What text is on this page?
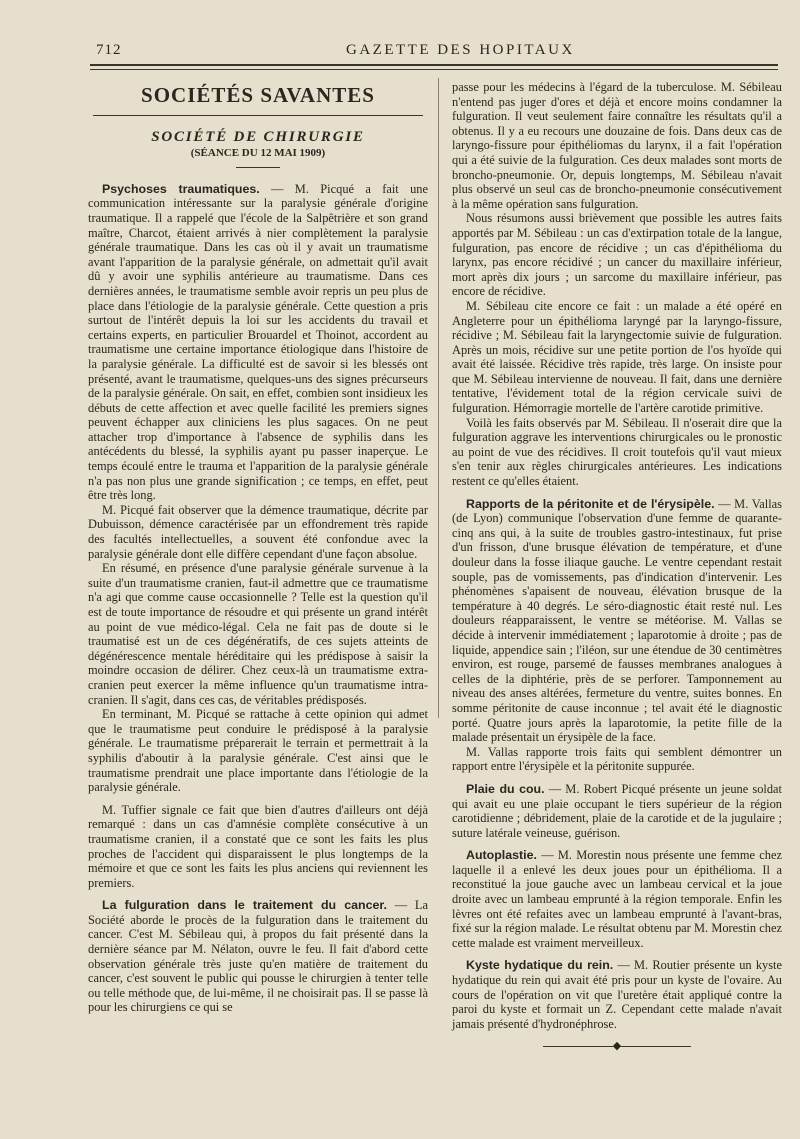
712	GAZETTE DES HOPITAUX
SOCIÉTÉS SAVANTES
SOCIÉTÉ DE CHIRURGIE
(SÉANCE DU 12 MAI 1909)

Psychoses traumatiques. — M. Picqué a fait une communication intéressante sur la paralysie générale d'origine traumatique. Il a rappelé que l'école de la Salpêtrière et son grand maître, Charcot, étaient arrivés à nier complètement la paralysie générale traumatique. Dans les cas où il y avait un traumatisme avant l'apparition de la paralysie générale, on admettait qu'il avait dû y avoir une syphilis antérieure au traumatisme. Dans ces dernières années, le traumatisme semble avoir repris un peu plus de place dans l'étiologie de la paralysie générale. Cette question a pris surtout de l'intérêt depuis la loi sur les accidents du travail et certains experts, en particulier Brouardel et Thoinot, accordent au traumatisme une certaine importance étiologique dans l'histoire de la paralysie générale. La difficulté est de savoir si les blessés ont présenté, avant le traumatisme, quelques-uns des signes précurseurs de la paralysie générale. On sait, en effet, combien sont insidieux les débuts de cette affection et avec quelle facilité les premiers signes peuvent échapper aux cliniciens les plus sagaces. On ne peut attacher trop d'importance à l'absence de syphilis dans les antécédents du blessé, la syphilis ayant pu passer inaperçue. Le temps écoulé entre le trauma et l'apparition de la paralysie générale n'a pas non plus une grande signification ; ce temps, en effet, peut être très long.

M. Picqué fait observer que la démence traumatique, décrite par Dubuisson, démence caractérisée par un effondrement très rapide des facultés intellectuelles, a souvent été confondue avec la paralysie générale dont elle diffère cependant d'une façon absolue.

En résumé, en présence d'une paralysie générale survenue à la suite d'un traumatisme cranien, faut-il admettre que ce traumatisme n'a agi que comme cause occasionnelle ? Telle est la question qu'il est de toute importance de résoudre et qui présente un grand intérêt au point de vue médico-légal. Cela ne fait pas de doute si le traumatisé est un de ces dégénératifs, de ces sujets atteints de dégénérescence mentale héréditaire qui les prédispose à saisir la moindre occasion de délirer. Chez ceux-là un traumatisme extra-cranien peut exercer la même influence qu'un traumatisme intra-cranien. Il s'agit, dans ces cas, de véritables prédisposés.

En terminant, M. Picqué se rattache à cette opinion qui admet que le traumatisme peut conduire le prédisposé à la paralysie générale. Le traumatisme préparerait le terrain et permettrait à la syphilis d'aboutir à la paralysie générale. C'est ainsi que le traumatisme prendrait une place importante dans l'étiologie de la paralysie générale.

M. Tuffier signale ce fait que bien d'autres d'ailleurs ont déjà remarqué : dans un cas d'amnésie complète consécutive à un traumatisme cranien, il a constaté que ce sont les faits les plus proches de l'accident qui disparaissent le plus longtemps de la mémoire et que ce sont les faits les plus anciens qui reviennent les premiers.

La fulguration dans le traitement du cancer. — La Société aborde le procès de la fulguration dans le traitement du cancer. C'est M. Sébileau qui, à propos du fait présenté dans la dernière séance par M. Nélaton, ouvre le feu. Il fait d'abord cette observation générale très juste qu'en matière de traitement du cancer, c'est souvent le public qui pousse le chirurgien à tenter telle ou telle méthode que, de lui-même, il ne choisirait pas. Il se passe là pour les chirurgiens ce qui se

passe pour les médecins à l'égard de la tuberculose. M. Sébileau n'entend pas juger d'ores et déjà et encore moins condamner la fulguration. Il veut seulement faire connaître les résultats qu'il a obtenus. Il y a eu recours une douzaine de fois. Dans deux cas de laryngo-fissure pour épithéliomas du larynx, il a fait l'opération qui a été suivie de la fulguration. Ces deux malades sont morts de broncho-pneumonie. Or, depuis longtemps, M. Sébileau n'avait plus observé un seul cas de broncho-pneumonie consécutivement à la même opération sans fulguration.

Nous résumons aussi brièvement que possible les autres faits apportés par M. Sébileau : un cas d'extirpation totale de la langue, fulguration, pas encore de récidive ; un cas d'épithélioma du larynx, pas encore récidivé ; un cancer du maxillaire inférieur, mort après dix jours ; un sarcome du maxillaire inférieur, pas encore de récidive.

M. Sébileau cite encore ce fait : un malade a été opéré en Angleterre pour un épithélioma laryngé par la laryngo-fissure, récidive ; M. Sébileau fait la laryngectomie suivie de fulguration. Après un mois, récidive sur une petite portion de l'os hyoïde qui avait été laissée. Récidive très rapide, très large. On insiste pour que M. Sébileau intervienne de nouveau. Il fait, dans une dernière tentative, l'évidement total de la région cervicale suivi de fulguration. Hémorragie mortelle de l'artère carotide primitive.

Voilà les faits observés par M. Sébileau. Il n'oserait dire que la fulguration aggrave les interventions chirurgicales ou le pronostic au point de vue des récidives. Il croit toutefois qu'il vaut mieux s'en tenir aux règles chirurgicales antérieures. Les indications restent ce qu'elles étaient.

Rapports de la péritonite et de l'érysipèle. — M. Vallas (de Lyon) communique l'observation d'une femme de quarante-cinq ans qui, à la suite de troubles gastro-intestinaux, fut prise d'un frisson, d'une brusque élévation de température, et d'une douleur dans la fosse iliaque gauche. Le ventre cependant restait souple, pas de vomissements, pas d'indication d'intervenir. Les phénomènes s'apaisent de nouveau, élévation brusque de la température à 40 degrés. Le séro-diagnostic était resté nul. Les douleurs réapparaissent, le ventre se météorise. M. Vallas se décide à intervenir immédiatement ; laparotomie à droite ; pas de liquide, appendice sain ; l'iléon, sur une étendue de 30 centimètres environ, est rouge, parsemé de fausses membranes analogues à celles de la diphtérie, près de se perforer. Tamponnement au niveau des anses altérées, fermeture du ventre, suites bonnes. En somme péritonite de cause inconnue ; tel avait été le diagnostic porté. Quatre jours après la laparotomie, la petite fille de la malade présentait un érysipèle de la face.

M. Vallas rapporte trois faits qui semblent démontrer un rapport entre l'érysipèle et la péritonite suppurée.

Plaie du cou. — M. Robert Picqué présente un jeune soldat qui avait eu une plaie occupant le tiers supérieur de la région carotidienne ; débridement, plaie de la carotide et de la jugulaire ; suture latérale veineuse, guérison.

Autoplastie. — M. Morestin nous présente une femme chez laquelle il a enlevé les deux joues pour un épithélioma. Il a reconstitué la joue gauche avec un lambeau cervical et la joue droite avec un lambeau emprunté à la région temporale. Enfin les lèvres ont été refaites avec un lambeau emprunté à l'avant-bras, fixé sur la région malade. Le résultat obtenu par M. Morestin chez cette malade est vraiment merveilleux.

Kyste hydatique du rein. — M. Routier présente un kyste hydatique du rein qui avait été pris pour un kyste de l'ovaire. Au cours de l'opération on vit que l'uretère était appliqué contre la paroi du kyste et formait un Z. Cependant cette malade n'avait jamais présenté d'hydronéphrose.

◆
